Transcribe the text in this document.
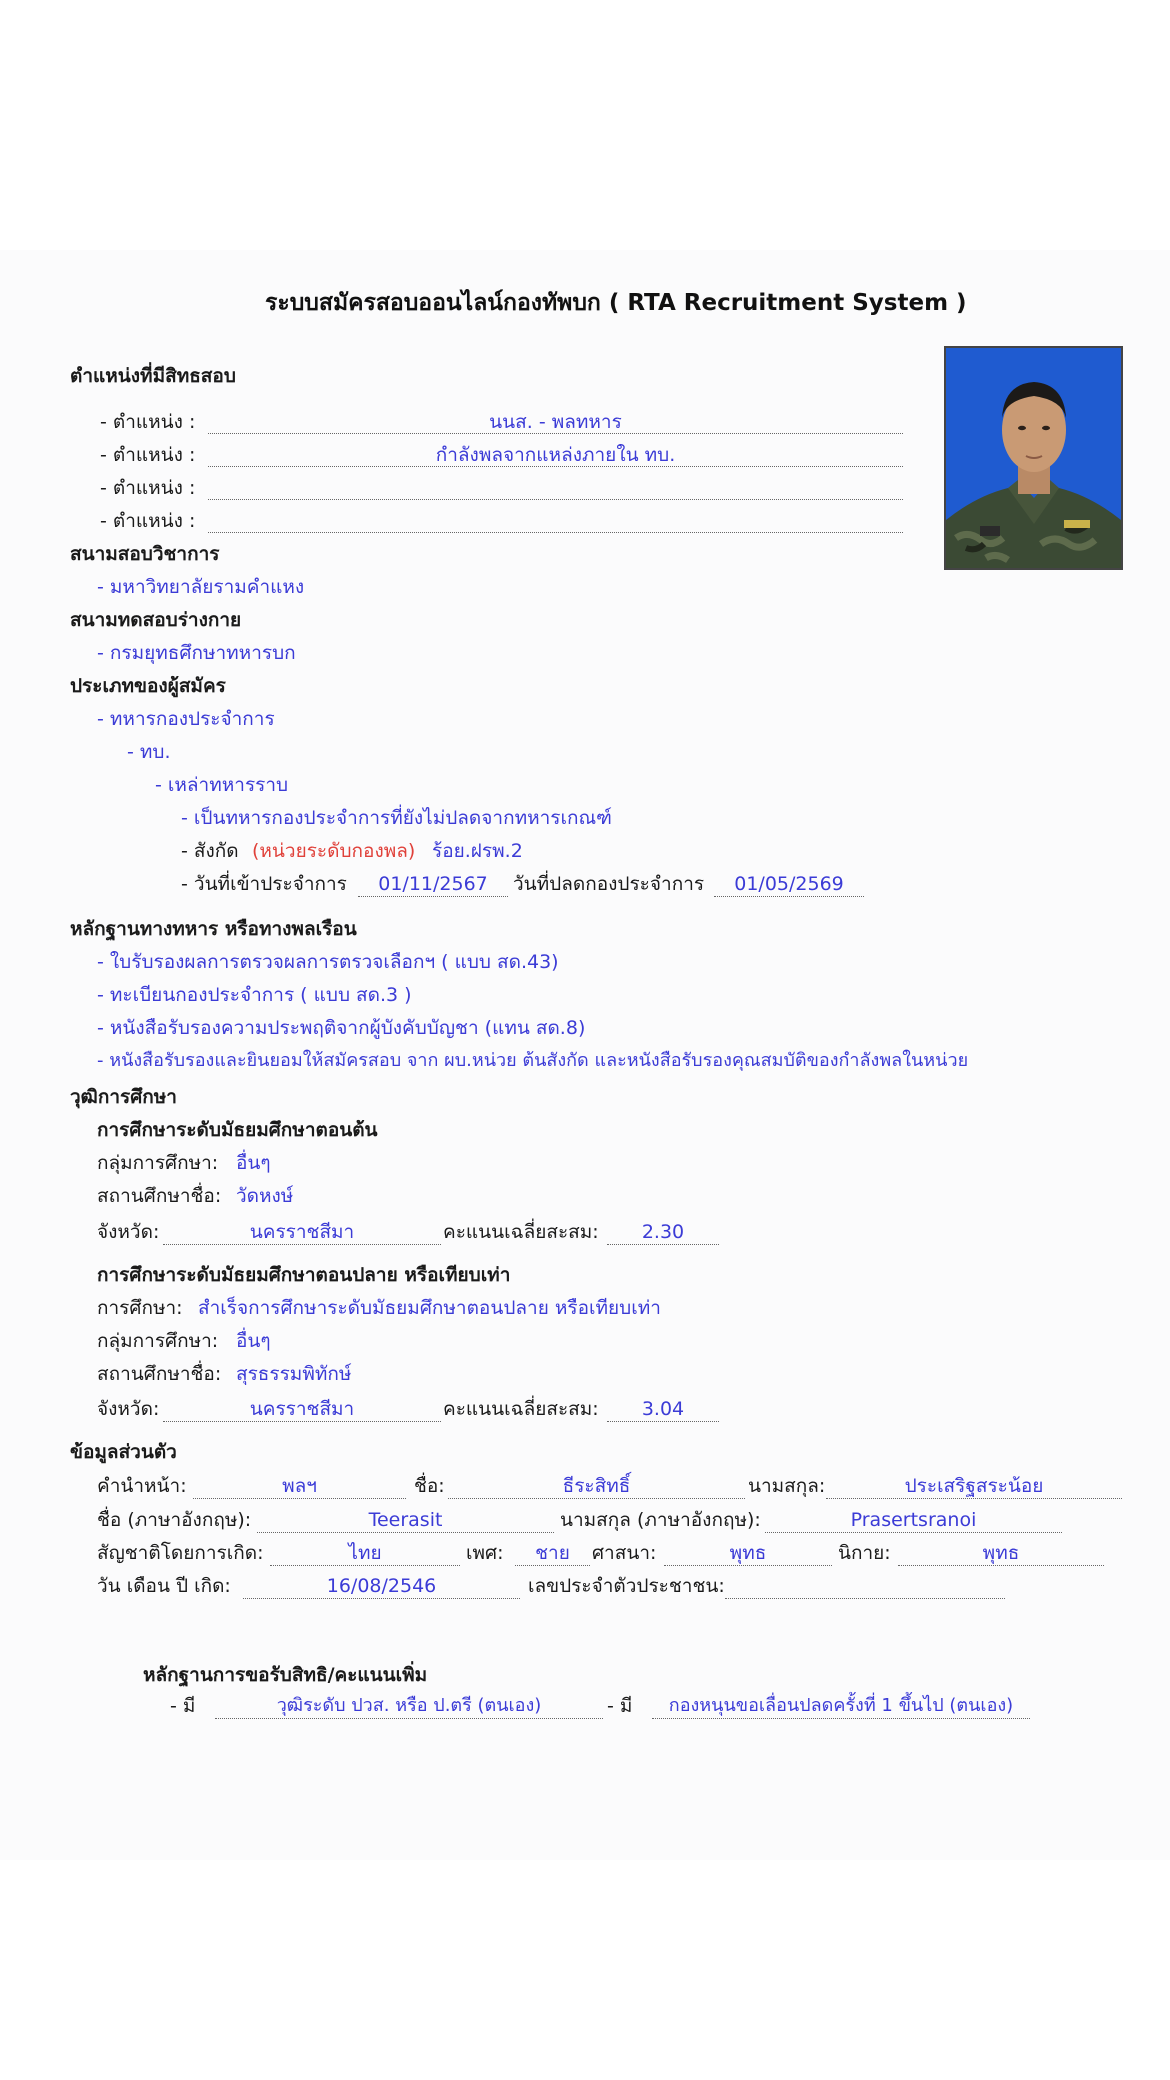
ระบบสมัครสอบออนไลน์กองทัพบก ( RTA Recruitment System )
ตำแหน่งที่มีสิทธสอบ
- ตำแหน่ง :	นนส. - พลทหาร
- ตำแหน่ง :	กำลังพลจากแหล่งภายใน ทบ.
- ตำแหน่ง :
- ตำแหน่ง :
สนามสอบวิชาการ
- มหาวิทยาลัยรามคำแหง
สนามทดสอบร่างกาย
- กรมยุทธศึกษาทหารบก
ประเภทของผู้สมัคร
- ทหารกองประจำการ
- ทบ.
- เหล่าทหารราบ
- เป็นทหารกองประจำการที่ยังไม่ปลดจากทหารเกณฑ์
- สังกัด (หน่วยระดับกองพล) ร้อย.ฝรพ.2
- วันที่เข้าประจำการ	01/11/2567	วันที่ปลดกองประจำการ	01/05/2569
หลักฐานทางทหาร หรือทางพลเรือน
- ใบรับรองผลการตรวจผลการตรวจเลือกฯ ( แบบ สด.43)
- ทะเบียนกองประจำการ ( แบบ สด.3 )
- หนังสือรับรองความประพฤติจากผู้บังคับบัญชา (แทน สด.8)
- หนังสือรับรองและยินยอมให้สมัครสอบ จาก ผบ.หน่วย ต้นสังกัด และหนังสือรับรองคุณสมบัติของกำลังพลในหน่วย
วุฒิการศึกษา
การศึกษาระดับมัธยมศึกษาตอนต้น
กลุ่มการศึกษา: อื่นๆ
สถานศึกษาชื่อ: วัดหงษ์
จังหวัด:	นครราชสีมา	คะแนนเฉลี่ยสะสม:	2.30
การศึกษาระดับมัธยมศึกษาตอนปลาย หรือเทียบเท่า
การศึกษา: สำเร็จการศึกษาระดับมัธยมศึกษาตอนปลาย หรือเทียบเท่า
กลุ่มการศึกษา: อื่นๆ
สถานศึกษาชื่อ: สุรธรรมพิทักษ์
จังหวัด:	นครราชสีมา	คะแนนเฉลี่ยสะสม:	3.04
ข้อมูลส่วนตัว
คำนำหน้า:	พลฯ	ชื่อ:	ธีระสิทธิ์	นามสกุล:	ประเสริฐสระน้อย
ชื่อ (ภาษาอังกฤษ):	Teerasit	นามสกุล (ภาษาอังกฤษ):	Prasertsranoi
สัญชาติโดยการเกิด:	ไทย	เพศ:	ชาย	ศาสนา:	พุทธ	นิกาย:	พุทธ
วัน เดือน ปี เกิด:	16/08/2546	เลขประจำตัวประชาชน:
หลักฐานการขอรับสิทธิ/คะแนนเพิ่ม
- มี	วุฒิระดับ ปวส. หรือ ป.ตรี (ตนเอง)	- มี	กองหนุนขอเลื่อนปลดครั้งที่ 1 ขึ้นไป (ตนเอง)
